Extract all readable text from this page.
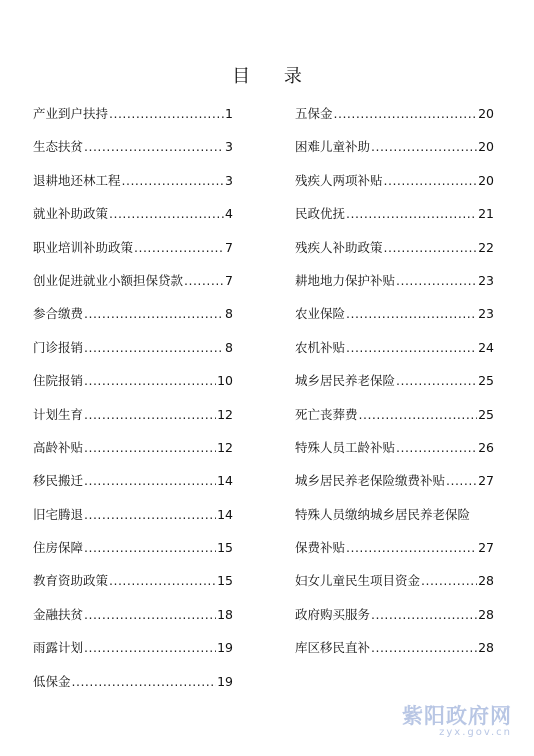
目 录
产业到户扶持 .....	1
生态扶贫 .....	3
退耕地还林工程 .....	3
就业补助政策 .....	4
职业培训补助政策 .....	7
创业促进就业小额担保贷款 .....	7
参合缴费 .....	8
门诊报销 .....	8
住院报销 .....	10
计划生育 .....	12
高龄补贴 .....	12
移民搬迁 .....	14
旧宅腾退 .....	14
住房保障 .....	15
教育资助政策 .....	15
金融扶贫 .....	18
雨露计划 .....	19
低保金 .....	19
五保金 .....	20
困难儿童补助 .....	20
残疾人两项补贴 .....	20
民政优抚 .....	21
残疾人补助政策 .....	22
耕地地力保护补贴 .....	23
农业保险 .....	23
农机补贴 .....	24
城乡居民养老保险 .....	25
死亡丧葬费 .....	25
特殊人员工龄补贴 .....	26
城乡居民养老保险缴费补贴 .....	27
特殊人员缴纳城乡居民养老保险
保费补贴 .....	27
妇女儿童民生项目资金 .....	28
政府购买服务 .....	28
库区移民直补 .....	28
紫阳政府网
zyx.gov.cn
